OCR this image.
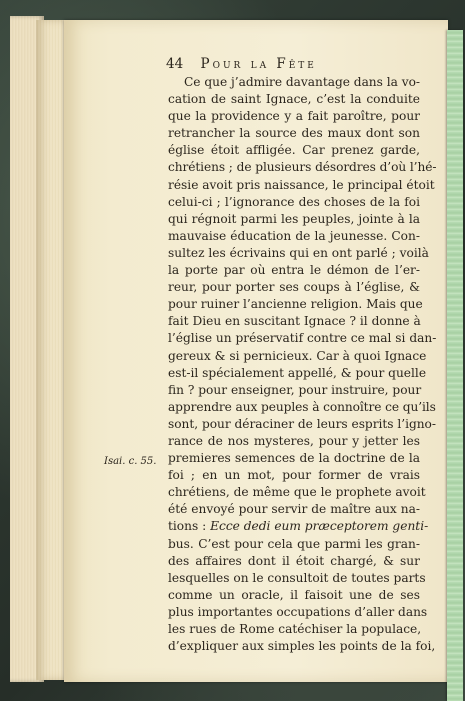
44 Pour la Fête
Isai. c. 55.
Ce que j’admire davantage dans la vo-
cation de saint Ignace, c’est la conduite
que la providence y a fait paroître, pour
retrancher la source des maux dont son
église étoit affligée. Car prenez garde,
chrétiens ; de plusieurs désordres d’où l’hé-
résie avoit pris naissance, le principal étoit
celui-ci ; l’ignorance des choses de la foi
qui régnoit parmi les peuples, jointe à la
mauvaise éducation de la jeunesse. Con-
sultez les écrivains qui en ont parlé ; voilà
la porte par où entra le démon de l’er-
reur, pour porter ses coups à l’église, &
pour ruiner l’ancienne religion. Mais que
fait Dieu en suscitant Ignace ? il donne à
l’église un préservatif contre ce mal si dan-
gereux & si pernicieux. Car à quoi Ignace
est-il spécialement appellé, & pour quelle
fin ? pour enseigner, pour instruire, pour
apprendre aux peuples à connoître ce qu’ils
sont, pour déraciner de leurs esprits l’igno-
rance de nos mysteres, pour y jetter les
premieres semences de la doctrine de la
foi ; en un mot, pour former de vrais
chrétiens, de même que le prophete avoit
été envoyé pour servir de maître aux na-
tions : Ecce dedi eum præceptorem genti-
bus. C’est pour cela que parmi les gran-
des affaires dont il étoit chargé, & sur
lesquelles on le consultoit de toutes parts
comme un oracle, il faisoit une de ses
plus importantes occupations d’aller dans
les rues de Rome catéchiser la populace,
d’expliquer aux simples les points de la foi,
